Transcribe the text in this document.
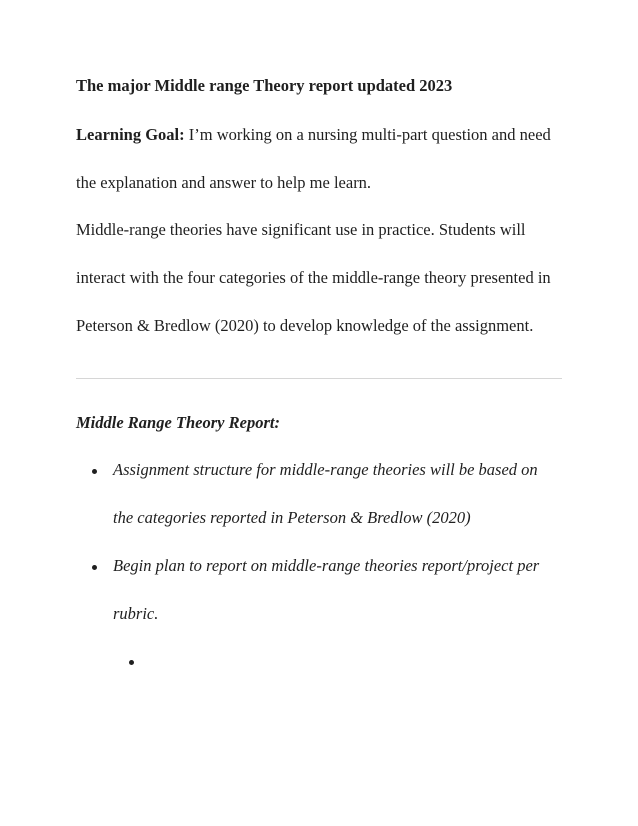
The major Middle range Theory report updated 2023
Learning Goal: I’m working on a nursing multi-part question and need
the explanation and answer to help me learn.
Middle-range theories have significant use in practice. Students will
interact with the four categories of the middle-range theory presented in
Peterson & Bredlow (2020) to develop knowledge of the assignment.
Middle Range Theory Report:
Assignment structure for middle-range theories will be based on
the categories reported in Peterson & Bredlow (2020)
Begin plan to report on middle-range theories report/project per
rubric.
